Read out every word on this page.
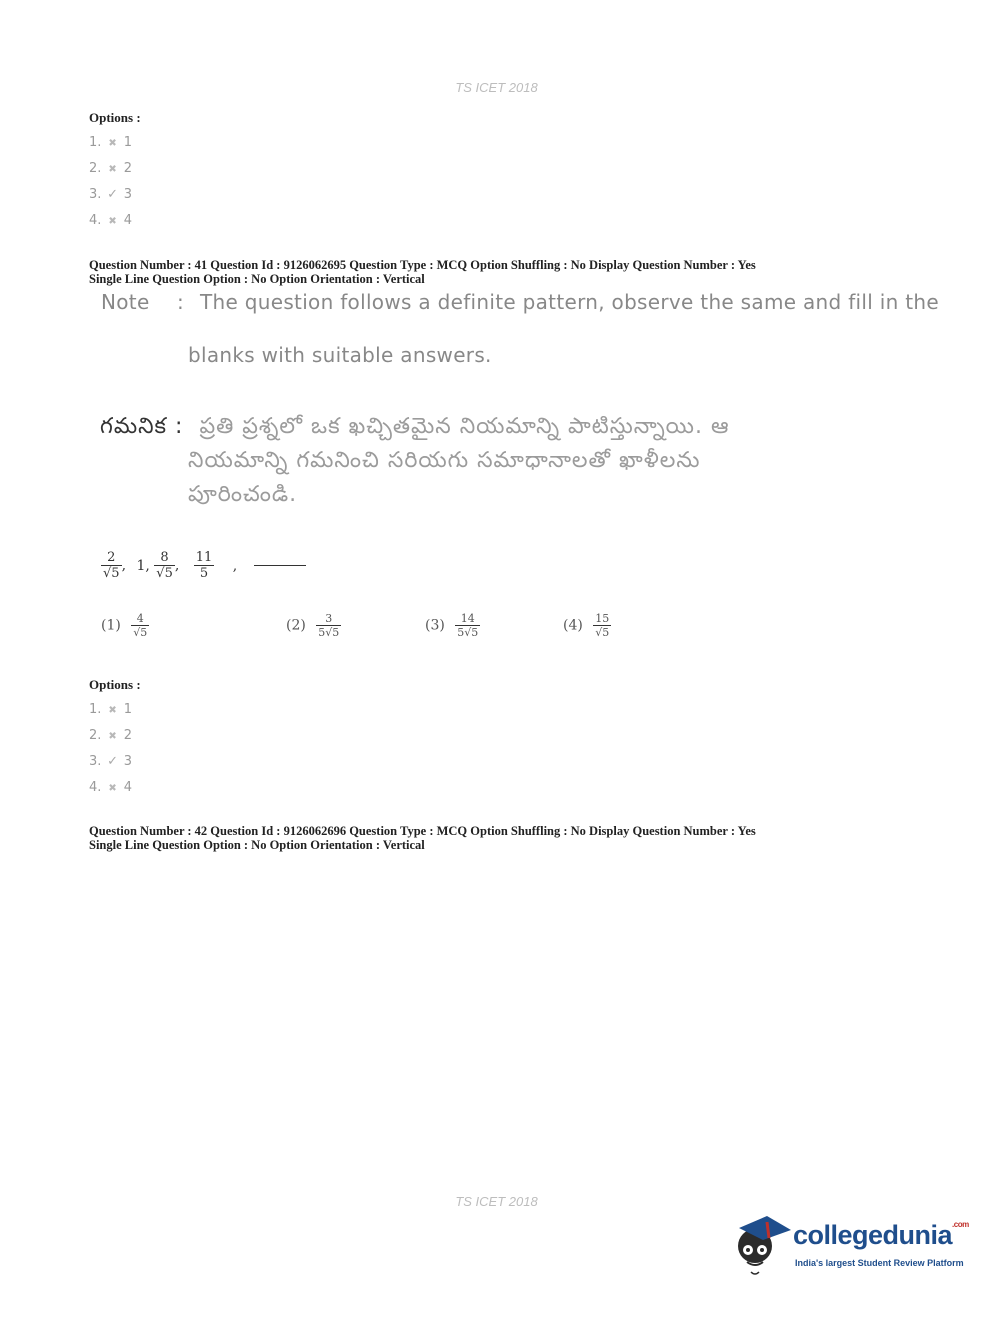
TS ICET 2018
Options :
1. ✖ 1
2. ✖ 2
3. ✓ 3
4. ✖ 4
Question Number : 41 Question Id : 9126062695 Question Type : MCQ Option Shuffling : No Display Question Number : Yes
Single Line Question Option : No Option Orientation : Vertical
Note : The question follows a definite pattern, observe the same and fill in the
blanks with suitable answers.
గమనిక : ప్రతి ప్రశ్నలో ఒక ఖచ్చితమైన నియమాన్ని పాటిస్తున్నాయి. ఆ
నియమాన్ని గమనించి సరియగు సమాధానాలతో ఖాళీలను
పూరించండి.
$\frac{2}{√5}$ , 1, $\frac{8}{√5}$ , $\frac{11}{5}$ ,
$(1) \frac{4}{√5}$	$(2) \frac{3}{5√5}$	$(3) \frac{14}{5√5}$	$(4) \frac{15}{√5}$
Options :
1. ✖ 1
2. ✖ 2
3. ✓ 3
4. ✖ 4
Question Number : 42 Question Id : 9126062696 Question Type : MCQ Option Shuffling : No Display Question Number : Yes
Single Line Question Option : No Option Orientation : Vertical
TS ICET 2018
collegedunia$^{.com}$
India's largest Student Review Platform
